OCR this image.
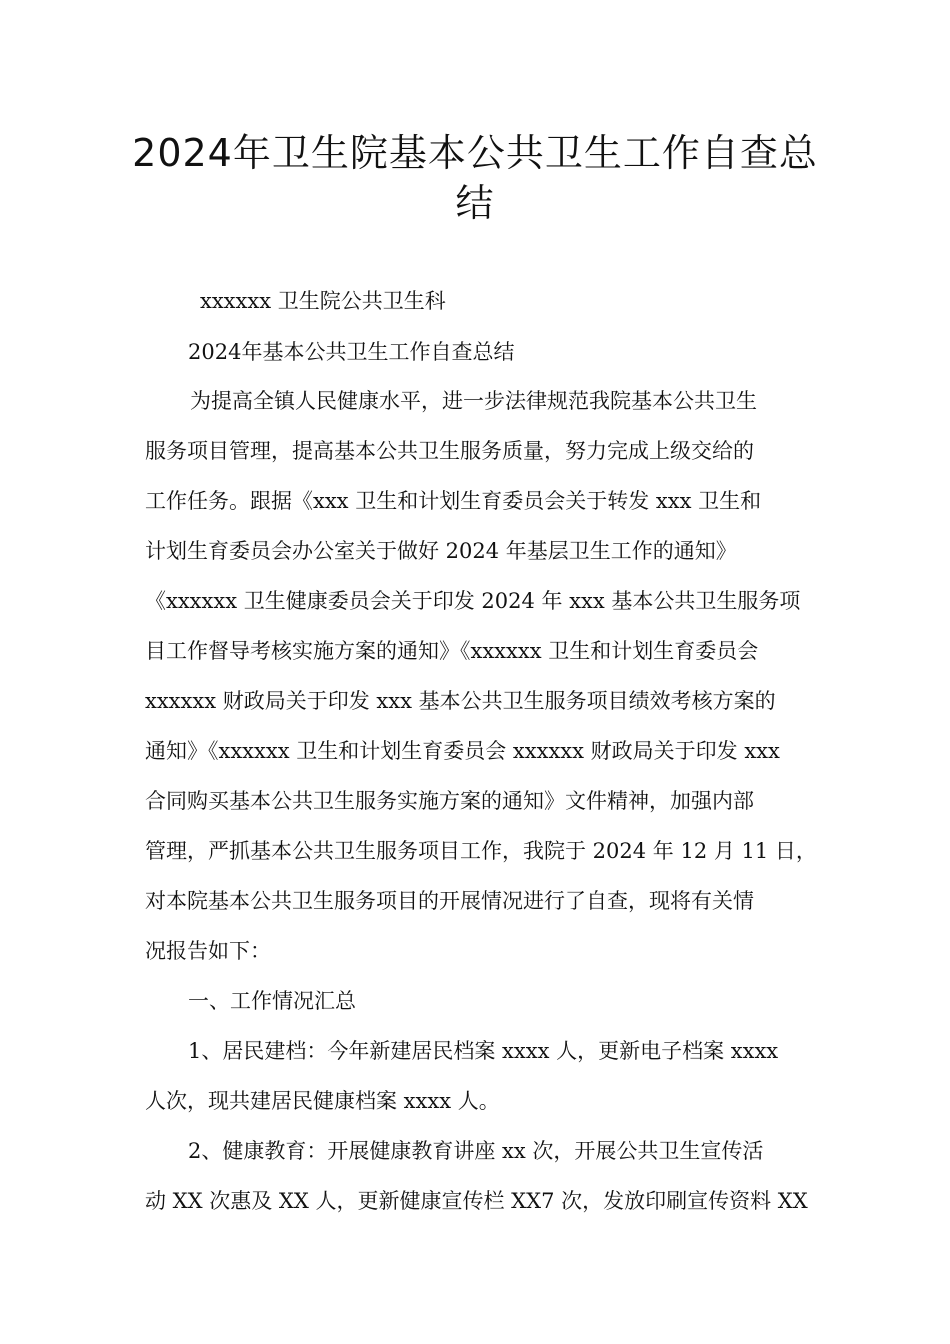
2024年卫生院基本公共卫生工作自查总
结

xxxxxx 卫生院公共卫生科

2024年基本公共卫生工作自查总结

为提高全镇人民健康水平，进一步法律规范我院基本公共卫生

服务项目管理，提高基本公共卫生服务质量，努力完成上级交给的

工作任务。跟据《xxx 卫生和计划生育委员会关于转发 xxx 卫生和

计划生育委员会办公室关于做好 2024 年基层卫生工作的通知》

《xxxxxx 卫生健康委员会关于印发 2024 年 xxx 基本公共卫生服务项

目工作督导考核实施方案的通知》《xxxxxx 卫生和计划生育委员会

xxxxxx 财政局关于印发 xxx 基本公共卫生服务项目绩效考核方案的

通知》《xxxxxx 卫生和计划生育委员会 xxxxxx 财政局关于印发 xxx

合同购买基本公共卫生服务实施方案的通知》文件精神，加强内部

管理，严抓基本公共卫生服务项目工作，我院于 2024 年 12 月 11 日，

对本院基本公共卫生服务项目的开展情况进行了自查，现将有关情

况报告如下：

一、工作情况汇总

1、居民建档：今年新建居民档案 xxxx 人，更新电子档案 xxxx

人次，现共建居民健康档案 xxxx 人。

2、健康教育：开展健康教育讲座 xx 次，开展公共卫生宣传活

动 XX 次惠及 XX 人，更新健康宣传栏 XX7 次，发放印刷宣传资料 XX
